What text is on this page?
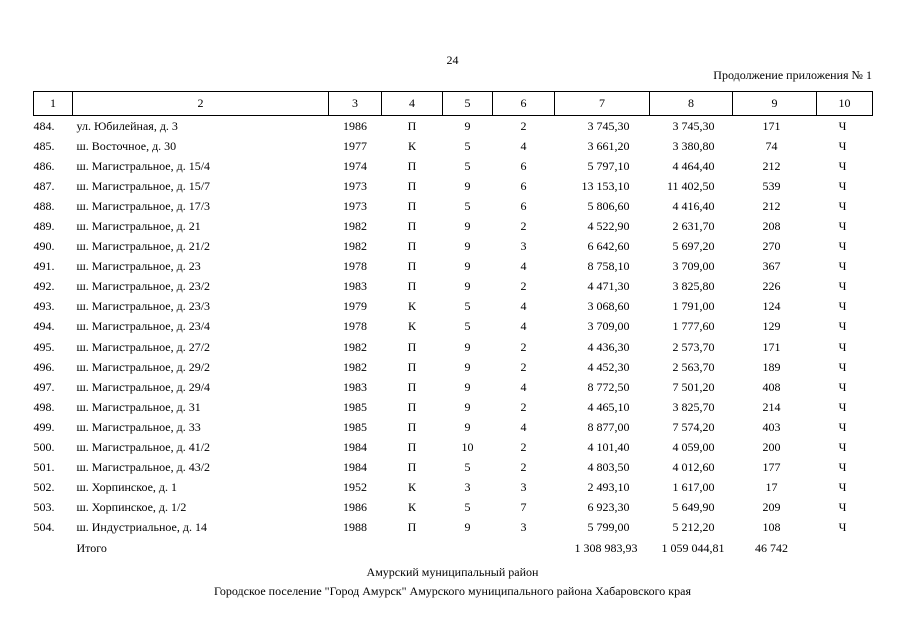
24
Продолжение приложения № 1
1	2	3	4	5	6	7	8	9	10
484.	ул. Юбилейная, д. 3	1986	П	9	2	3 745,30	3 745,30	171	Ч
485.	ш. Восточное, д. 30	1977	К	5	4	3 661,20	3 380,80	74	Ч
486.	ш. Магистральное, д. 15/4	1974	П	5	6	5 797,10	4 464,40	212	Ч
487.	ш. Магистральное, д. 15/7	1973	П	9	6	13 153,10	11 402,50	539	Ч
488.	ш. Магистральное, д. 17/3	1973	П	5	6	5 806,60	4 416,40	212	Ч
489.	ш. Магистральное, д. 21	1982	П	9	2	4 522,90	2 631,70	208	Ч
490.	ш. Магистральное, д. 21/2	1982	П	9	3	6 642,60	5 697,20	270	Ч
491.	ш. Магистральное, д. 23	1978	П	9	4	8 758,10	3 709,00	367	Ч
492.	ш. Магистральное, д. 23/2	1983	П	9	2	4 471,30	3 825,80	226	Ч
493.	ш. Магистральное, д. 23/3	1979	К	5	4	3 068,60	1 791,00	124	Ч
494.	ш. Магистральное, д. 23/4	1978	К	5	4	3 709,00	1 777,60	129	Ч
495.	ш. Магистральное, д. 27/2	1982	П	9	2	4 436,30	2 573,70	171	Ч
496.	ш. Магистральное, д. 29/2	1982	П	9	2	4 452,30	2 563,70	189	Ч
497.	ш. Магистральное, д. 29/4	1983	П	9	4	8 772,50	7 501,20	408	Ч
498.	ш. Магистральное, д. 31	1985	П	9	2	4 465,10	3 825,70	214	Ч
499.	ш. Магистральное, д. 33	1985	П	9	4	8 877,00	7 574,20	403	Ч
500.	ш. Магистральное, д. 41/2	1984	П	10	2	4 101,40	4 059,00	200	Ч
501.	ш. Магистральное, д. 43/2	1984	П	5	2	4 803,50	4 012,60	177	Ч
502.	ш. Хорпинское, д. 1	1952	К	3	3	2 493,10	1 617,00	17	Ч
503.	ш. Хорпинское, д. 1/2	1986	К	5	7	6 923,30	5 649,90	209	Ч
504.	ш. Индустриальное, д. 14	1988	П	9	3	5 799,00	5 212,20	108	Ч
	Итого					1 308 983,93	1 059 044,81	46 742	
Амурский муниципальный район
Городское поселение "Город Амурск" Амурского муниципального района Хабаровского края
